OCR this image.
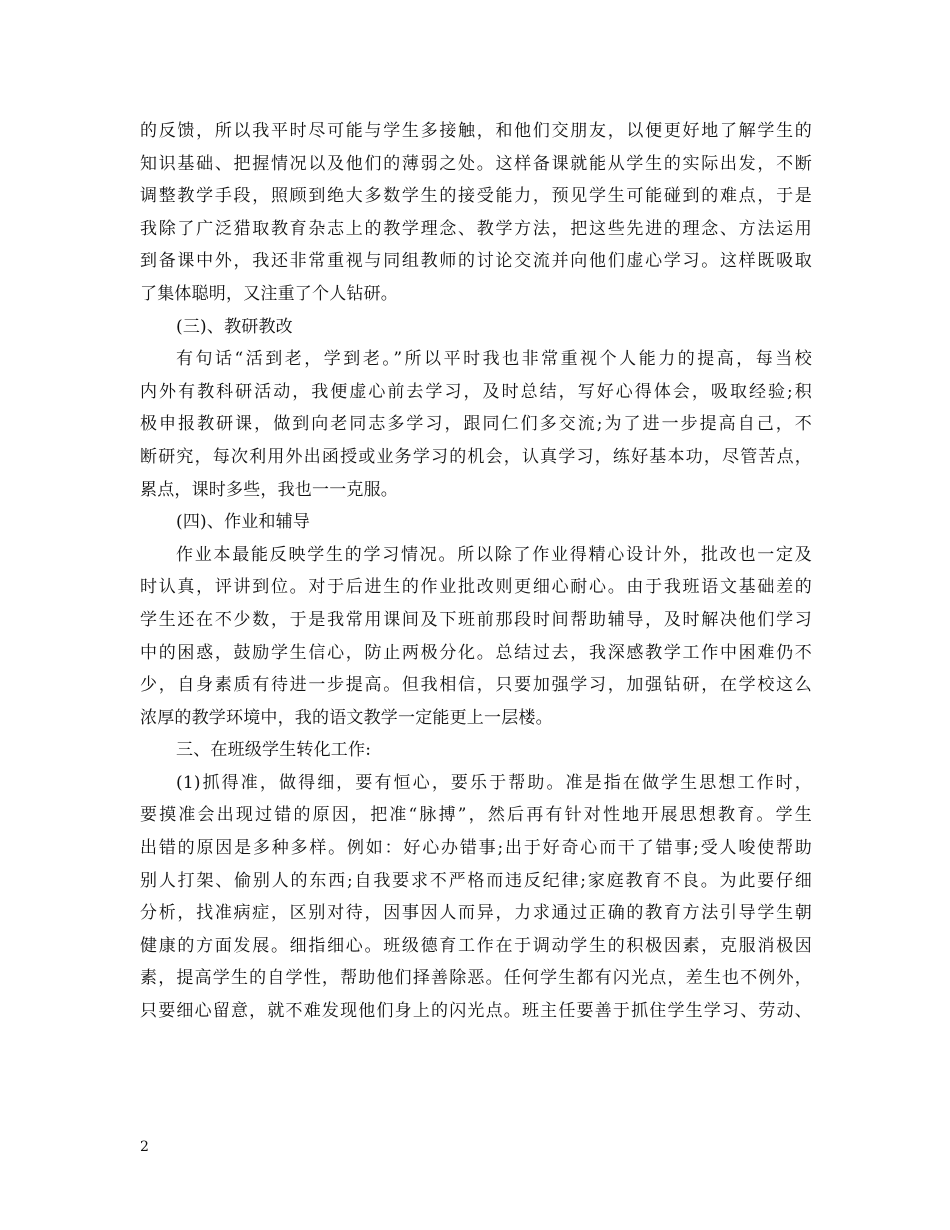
的反馈，所以我平时尽可能与学生多接触，和他们交朋友，以便更好地了解学生的
知识基础、把握情况以及他们的薄弱之处。这样备课就能从学生的实际出发，不断
调整教学手段，照顾到绝大多数学生的接受能力，预见学生可能碰到的难点，于是
我除了广泛猎取教育杂志上的教学理念、教学方法，把这些先进的理念、方法运用
到备课中外，我还非常重视与同组教师的讨论交流并向他们虚心学习。这样既吸取
了集体聪明，又注重了个人钻研。
(三)、教研教改
有句话“活到老，学到老。”所以平时我也非常重视个人能力的提高，每当校
内外有教科研活动，我便虚心前去学习，及时总结，写好心得体会，吸取经验;积
极申报教研课，做到向老同志多学习，跟同仁们多交流;为了进一步提高自己，不
断研究，每次利用外出函授或业务学习的机会，认真学习，练好基本功，尽管苦点，
累点，课时多些，我也一一克服。
(四)、作业和辅导
作业本最能反映学生的学习情况。所以除了作业得精心设计外，批改也一定及
时认真，评讲到位。对于后进生的作业批改则更细心耐心。由于我班语文基础差的
学生还在不少数，于是我常用课间及下班前那段时间帮助辅导，及时解决他们学习
中的困惑，鼓励学生信心，防止两极分化。总结过去，我深感教学工作中困难仍不
少，自身素质有待进一步提高。但我相信，只要加强学习，加强钻研，在学校这么
浓厚的教学环境中，我的语文教学一定能更上一层楼。
三、在班级学生转化工作:
(1)抓得准，做得细，要有恒心，要乐于帮助。准是指在做学生思想工作时，
要摸准会出现过错的原因，把准“脉搏”，然后再有针对性地开展思想教育。学生
出错的原因是多种多样。例如：好心办错事;出于好奇心而干了错事;受人唆使帮助
别人打架、偷别人的东西;自我要求不严格而违反纪律;家庭教育不良。为此要仔细
分析，找准病症，区别对待，因事因人而异，力求通过正确的教育方法引导学生朝
健康的方面发展。细指细心。班级德育工作在于调动学生的积极因素，克服消极因
素，提高学生的自学性，帮助他们择善除恶。任何学生都有闪光点，差生也不例外，
只要细心留意，就不难发现他们身上的闪光点。班主任要善于抓住学生学习、劳动、
2
